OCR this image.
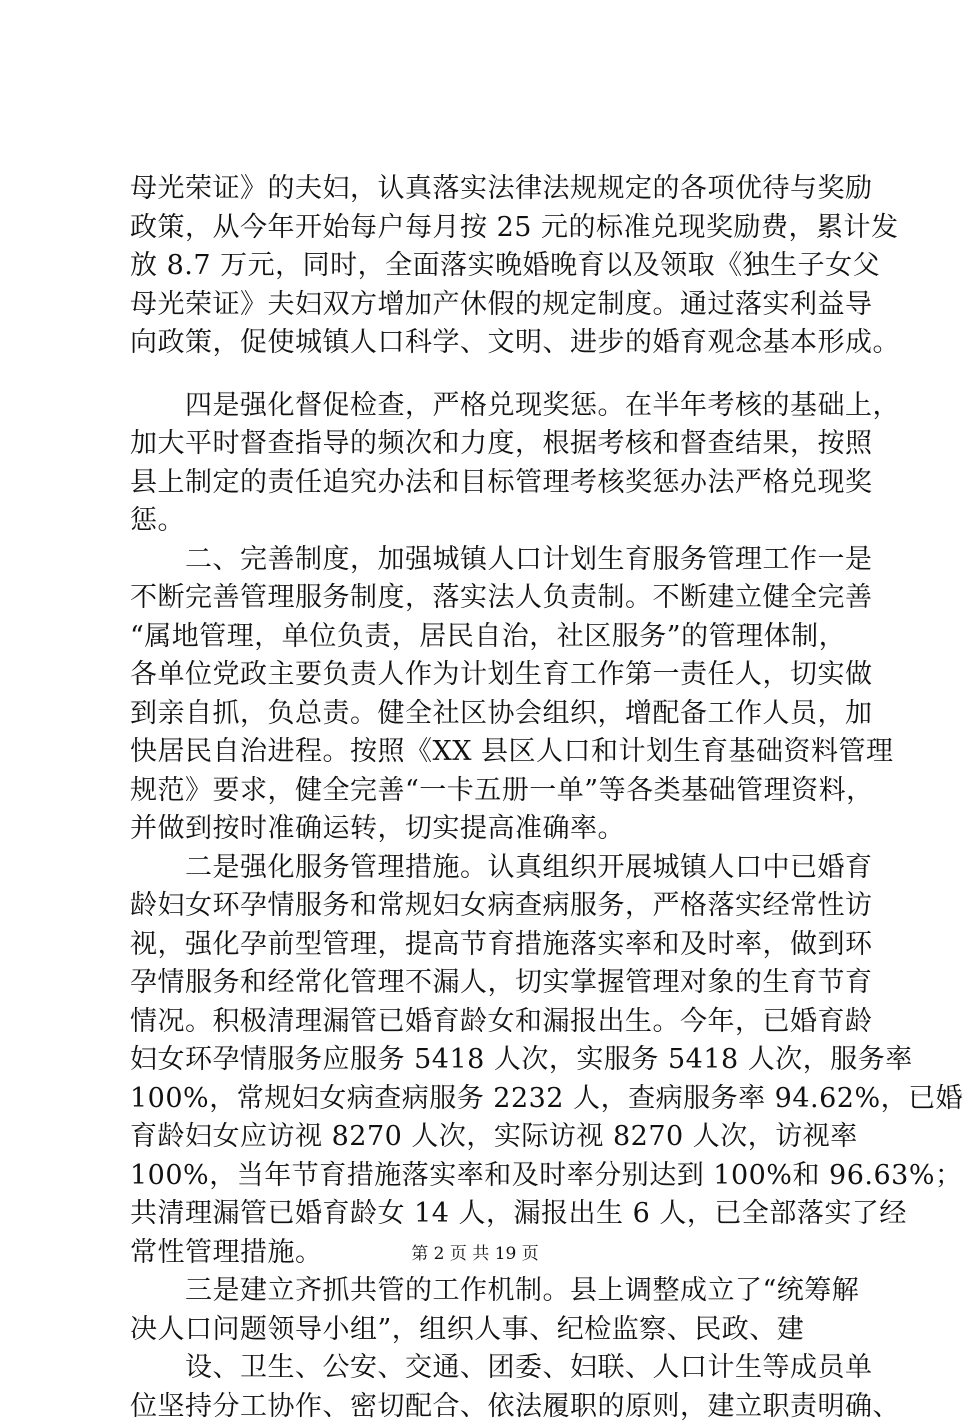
母光荣证》的夫妇，认真落实法律法规规定的各项优待与奖励
政策，从今年开始每户每月按 25 元的标准兑现奖励费，累计发
放 8.7 万元，同时，全面落实晚婚晚育以及领取《独生子女父
母光荣证》夫妇双方增加产休假的规定制度。通过落实利益导
向政策，促使城镇人口科学、文明、进步的婚育观念基本形成。
四是强化督促检查，严格兑现奖惩。在半年考核的基础上，
加大平时督查指导的频次和力度，根据考核和督查结果，按照
县上制定的责任追究办法和目标管理考核奖惩办法严格兑现奖
惩。
二、完善制度，加强城镇人口计划生育服务管理工作一是
不断完善管理服务制度，落实法人负责制。不断建立健全完善
“属地管理，单位负责，居民自治，社区服务”的管理体制，
各单位党政主要负责人作为计划生育工作第一责任人，切实做
到亲自抓，负总责。健全社区协会组织，增配备工作人员，加
快居民自治进程。按照《XX 县区人口和计划生育基础资料管理
规范》要求，健全完善“一卡五册一单”等各类基础管理资料，
并做到按时准确运转，切实提高准确率。
二是强化服务管理措施。认真组织开展城镇人口中已婚育
龄妇女环孕情服务和常规妇女病查病服务，严格落实经常性访
视，强化孕前型管理，提高节育措施落实率和及时率，做到环
孕情服务和经常化管理不漏人，切实掌握管理对象的生育节育
情况。积极清理漏管已婚育龄女和漏报出生。今年，已婚育龄
妇女环孕情服务应服务 5418 人次，实服务 5418 人次，服务率
100%，常规妇女病查病服务 2232 人，查病服务率 94.62%，已婚
育龄妇女应访视 8270 人次，实际访视 8270 人次，访视率
100%，当年节育措施落实率和及时率分别达到 100%和 96.63%；
共清理漏管已婚育龄女 14 人，漏报出生 6 人，已全部落实了经
常性管理措施。
三是建立齐抓共管的工作机制。县上调整成立了“统筹解
决人口问题领导小组”，组织人事、纪检监察、民政、建
设、卫生、公安、交通、团委、妇联、人口计生等成员单
位坚持分工协作、密切配合、依法履职的原则，建立职责明确、
第 2 页 共 19 页
